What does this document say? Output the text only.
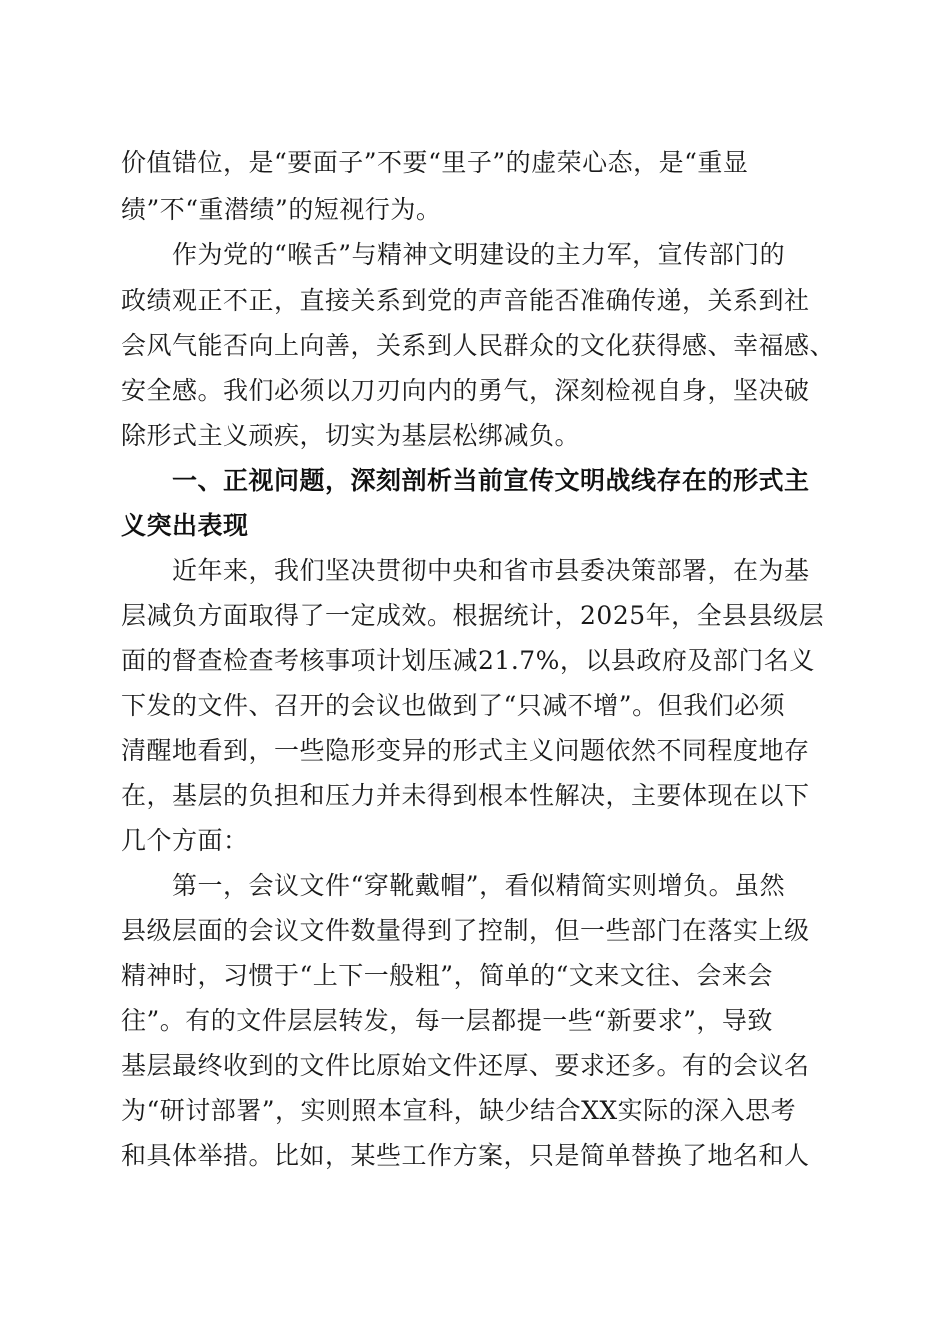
价值错位，是“要面子”不要“里子”的虚荣心态，是“重显
绩”不“重潜绩”的短视行为。
作为党的“喉舌”与精神文明建设的主力军，宣传部门的
政绩观正不正，直接关系到党的声音能否准确传递，关系到社
会风气能否向上向善，关系到人民群众的文化获得感、幸福感、
安全感。我们必须以刀刃向内的勇气，深刻检视自身，坚决破
除形式主义顽疾，切实为基层松绑减负。
一、正视问题，深刻剖析当前宣传文明战线存在的形式主
义突出表现
近年来，我们坚决贯彻中央和省市县委决策部署，在为基
层减负方面取得了一定成效。根据统计，2025年，全县县级层
面的督查检查考核事项计划压减21.7%，以县政府及部门名义
下发的文件、召开的会议也做到了“只减不增”。但我们必须
清醒地看到，一些隐形变异的形式主义问题依然不同程度地存
在，基层的负担和压力并未得到根本性解决，主要体现在以下
几个方面：
第一，会议文件“穿靴戴帽”，看似精简实则增负。虽然
县级层面的会议文件数量得到了控制，但一些部门在落实上级
精神时，习惯于“上下一般粗”，简单的“文来文往、会来会
往”。有的文件层层转发，每一层都提一些“新要求”，导致
基层最终收到的文件比原始文件还厚、要求还多。有的会议名
为“研讨部署”，实则照本宣科，缺少结合XX实际的深入思考
和具体举措。比如，某些工作方案，只是简单替换了地名和人
